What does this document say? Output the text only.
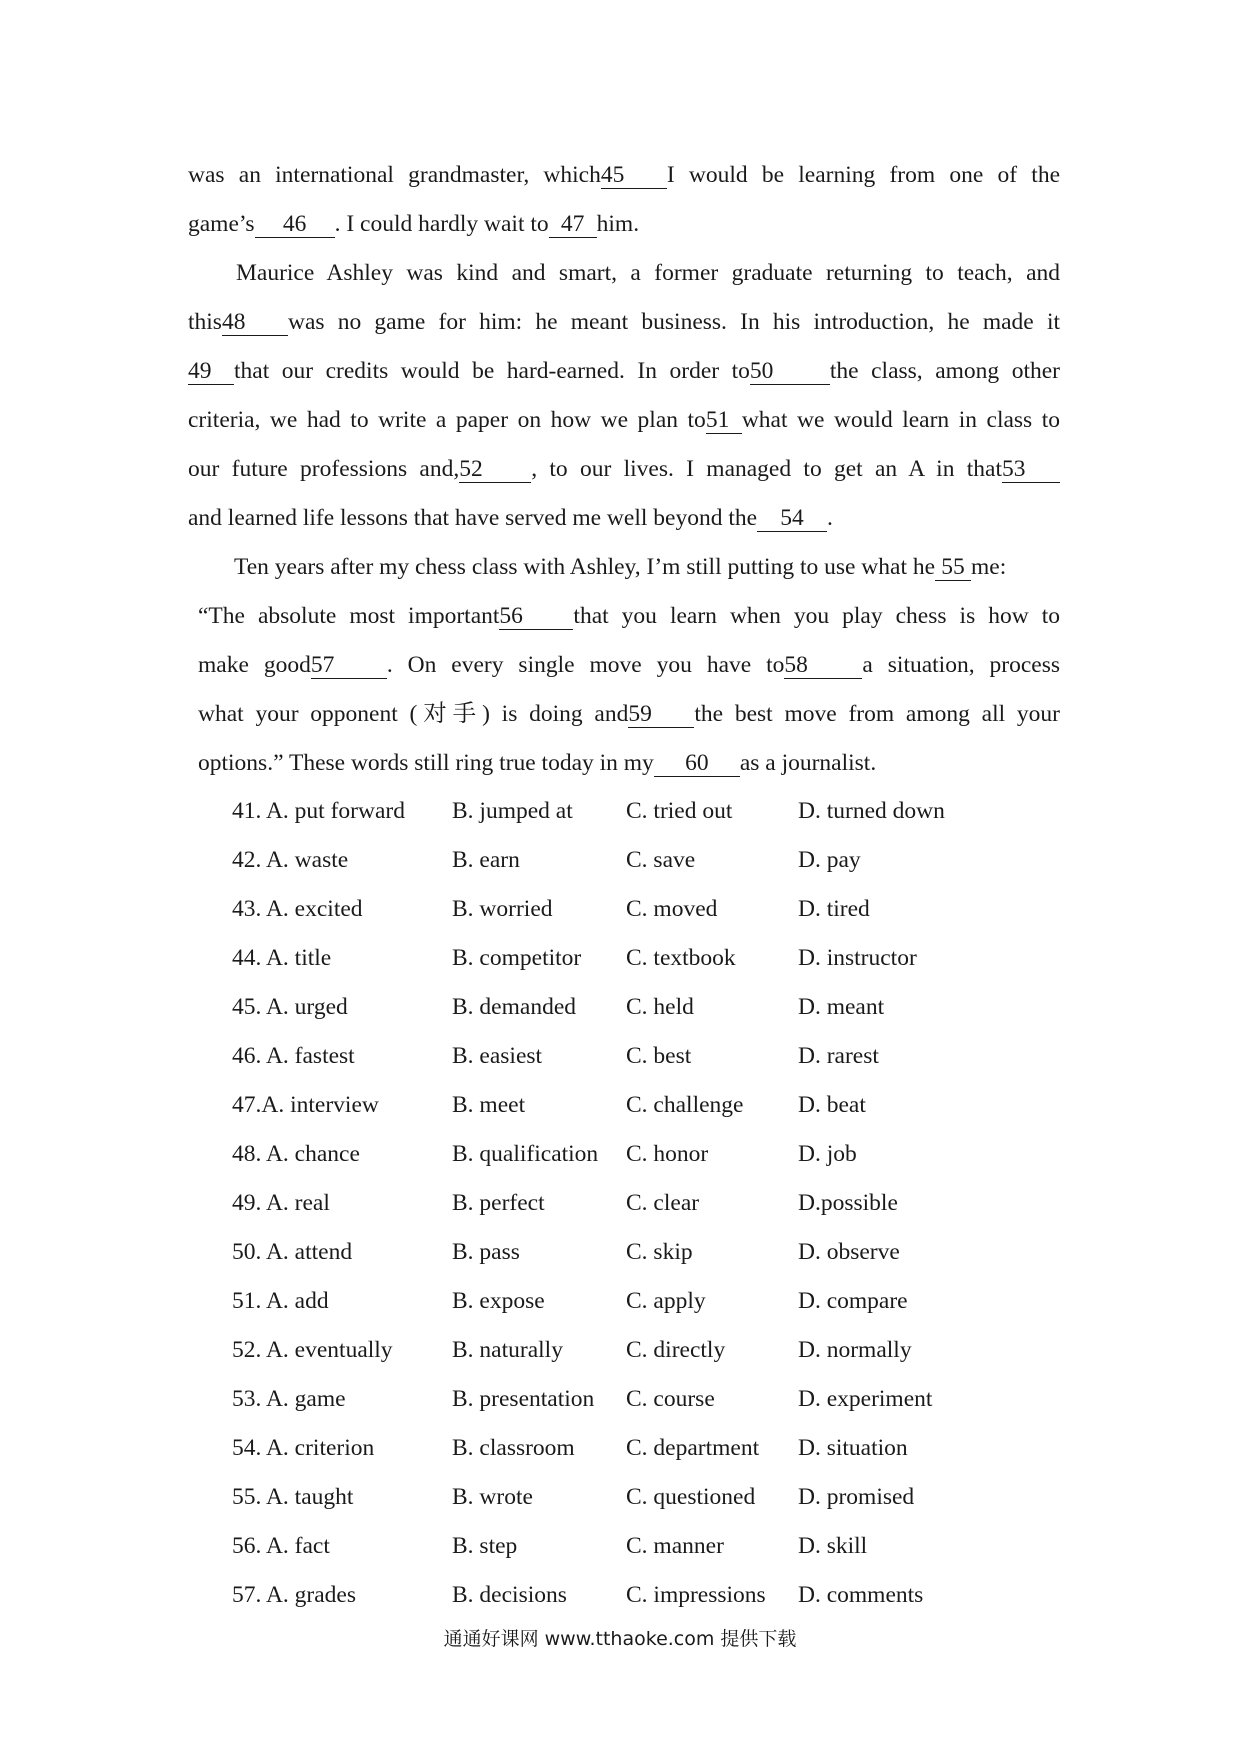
was an international grandmaster, which45 I would be learning from one of the
game’s 46 . I could hardly wait to 47 him.
Maurice Ashley was kind and smart, a former graduate returning to teach, and
this48 was no game for him: he meant business. In his introduction, he made it
49 that our credits would be hard-earned. In order to50 the class, among other
criteria, we had to write a paper on how we plan to51 what we would learn in class to
our future professions and,52 , to our lives. I managed to get an A in that53
and learned life lessons that have served me well beyond the 54 .
Ten years after my chess class with Ashley, I’m still putting to use what he 55 me:
“The absolute most important56 that you learn when you play chess is how to
make good57 . On every single move you have to58 a situation, process
what your opponent (对手) is doing and59 the best move from among all your
options.” These words still ring true today in my 60 as a journalist.
41. A. put forward B. jumped at C. tried out	D. turned down
42. A. waste	B. earn	C. save	D. pay
43. A. excited	B. worried	C. moved	D. tired
44. A. title	B. competitor C. textbook	D. instructor
45. A. urged	B. demanded C. held	D. meant
46. A. fastest	B. easiest	C. best	D. rarest
47.A. interview	B. meet	C. challenge D. beat
48. A. chance	B. qualification C. honor	D. job
49. A. real	B. perfect	C. clear	D.possible
50. A. attend	B. pass	C. skip	D. observe
51. A. add	B. expose	C. apply	D. compare
52. A. eventually	B. naturally	C. directly	D. normally
53. A. game	B. presentation C. course	D. experiment
54. A. criterion	B. classroom C. department D. situation
55. A. taught	B. wrote	C. questioned D. promised
56. A. fact	B. step	C. manner	D. skill
57. A. grades	B. decisions	C. impressions D. comments
通通好课网 www.tthaoke.com 提供下载
